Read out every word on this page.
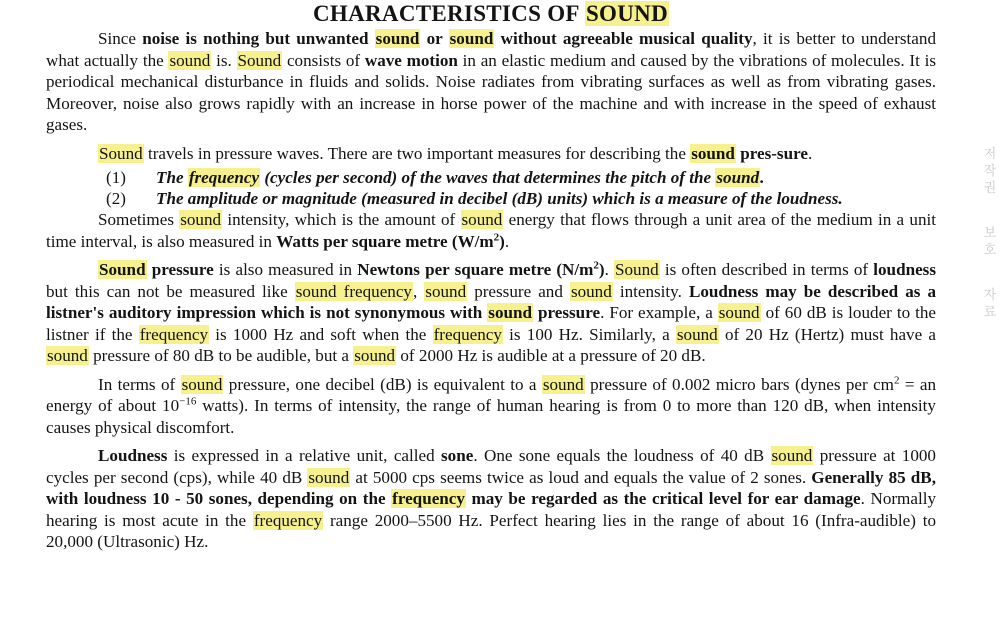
CHARACTERISTICS OF SOUND

Since noise is nothing but unwanted sound or sound without agreeable musical quality, it is better to understand what actually the sound is. Sound consists of wave motion in an elastic medium and caused by the vibrations of molecules. It is periodical mechanical disturbance in fluids and solids. Noise radiates from vibrating surfaces as well as from vibrating gases. Moreover, noise also grows rapidly with an increase in horse power of the machine and with increase in the speed of exhaust gases.

Sound travels in pressure waves. There are two important measures for describing the sound pres-sure.

(1) The frequency (cycles per second) of the waves that determines the pitch of the sound.
(2) The amplitude or magnitude (measured in decibel (dB) units) which is a measure of the loudness.

Sometimes sound intensity, which is the amount of sound energy that flows through a unit area of the medium in a unit time interval, is also measured in Watts per square metre $(W/m^2)$.

Sound pressure is also measured in Newtons per square metre $(N/m^2)$. Sound is often described in terms of loudness but this can not be measured like sound frequency, sound pressure and sound intensity. Loudness may be described as a listner's auditory impression which is not synonymous with sound pressure. For example, a sound of 60 dB is louder to the listner if the frequency is 1000 Hz and soft when the frequency is 100 Hz. Similarly, a sound of 20 Hz (Hertz) must have a sound pressure of 80 dB to be audible, but a sound of 2000 Hz is audible at a pressure of 20 dB.

In terms of sound pressure, one decibel (dB) is equivalent to a sound pressure of 0.002 micro bars (dynes per $cm^2$ = an energy of about $10^{-16}$ watts). In terms of intensity, the range of human hearing is from 0 to more than 120 dB, when intensity causes physical discomfort.

Loudness is expressed in a relative unit, called sone. One sone equals the loudness of 40 dB sound pressure at 1000 cycles per second (cps), while 40 dB sound at 5000 cps seems twice as loud and equals the value of 2 sones. Generally 85 dB, with loudness 10 - 50 sones, depending on the frequency may be regarded as the critical level for ear damage. Normally hearing is most acute in the frequency range 2000–5500 Hz. Perfect hearing lies in the range of about 16 (Infra-audible) to 20,000 (Ultrasonic) Hz.

저
작
권
보
호
자
료
